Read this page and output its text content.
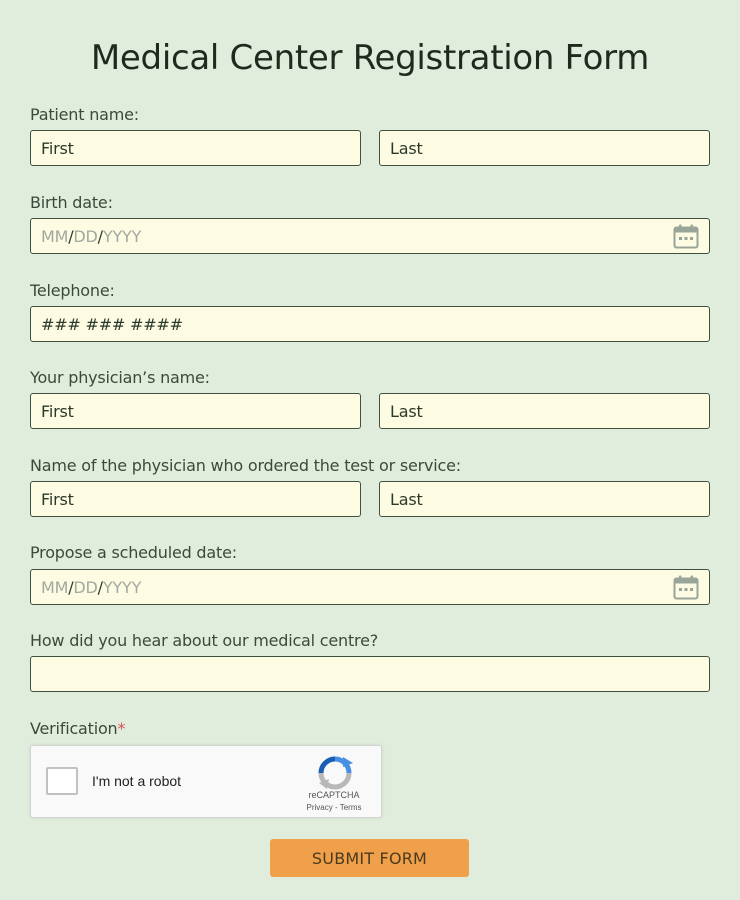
Medical Center Registration Form
Patient name:
First	Last
Birth date:
MM / DD / YYYY
Telephone:
### ### ####
Your physician’s name:
First	Last
Name of the physician who ordered the test or service:
First	Last
Propose a scheduled date:
MM / DD / YYYY
How did you hear about our medical centre?
Verification*
I'm not a robot
reCAPTCHA
Privacy - Terms
SUBMIT FORM
